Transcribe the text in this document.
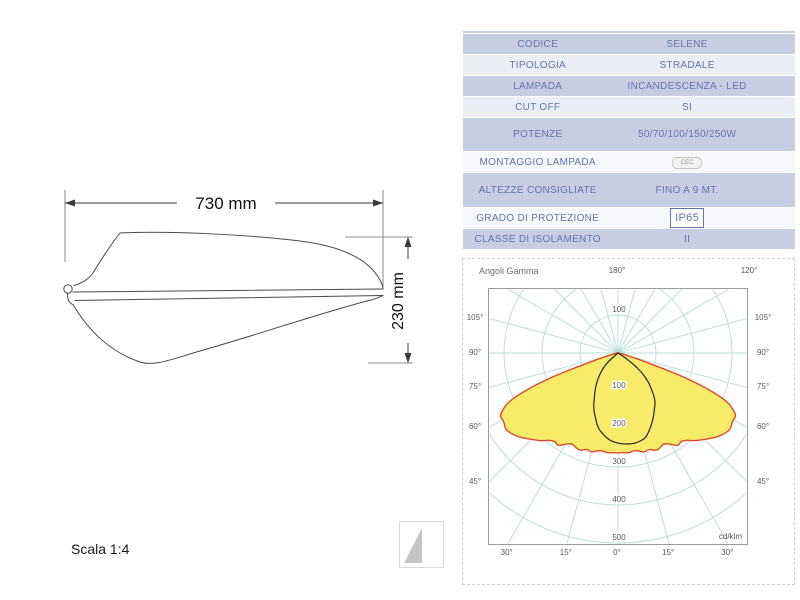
730 mm
230 mm
Scala 1:4
CODICE	SELENE
TIPOLOGIA	STRADALE
LAMPADA	INCANDESCENZA - LED
CUT OFF	SI
POTENZE	50/70/100/150/250W
MONTAGGIO LAMPADA	CEC
ALTEZZE CONSIGLIATE	FINO A 9 MT.
GRADO DI PROTEZIONE	IP65
CLASSE DI ISOLAMENTO	II
Angoli Gamma	180°	120°
100
100
200
300
400
500	cd/klm
105°	105°
90°	90°
75°	75°
60°	60°
45°	45°
30°	15°	0°	15°	30°
